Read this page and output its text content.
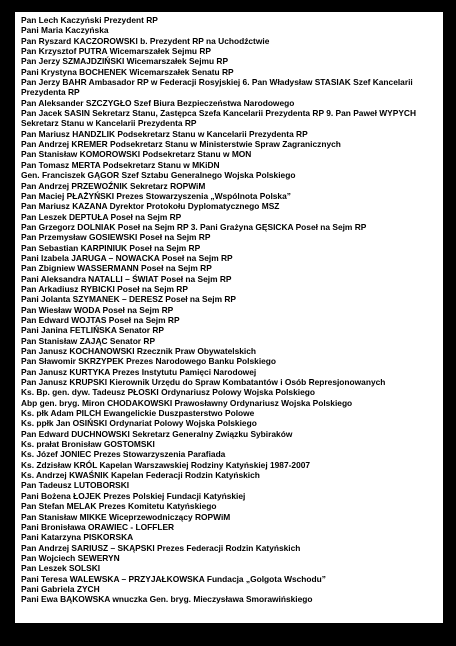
Pan Lech Kaczyński Prezydent RP
Pani Maria Kaczyńska
Pan Ryszard KACZOROWSKI b. Prezydent RP na Uchodźctwie
Pan Krzysztof PUTRA Wicemarszałek Sejmu RP
Pan Jerzy SZMAJDZIŃSKI Wicemarszałek Sejmu RP
Pani Krystyna BOCHENEK Wicemarszałek Senatu RP
Pan Jerzy BAHR Ambasador RP w Federacji Rosyjskiej 6. Pan Władysław STASIAK Szef Kancelarii Prezydenta RP
Pan Aleksander SZCZYGŁO Szef Biura Bezpieczeństwa Narodowego
Pan Jacek SASIN Sekretarz Stanu, Zastępca Szefa Kancelarii Prezydenta RP 9. Pan Paweł WYPYCH Sekretarz Stanu w Kancelarii Prezydenta RP
Pan Mariusz HANDZLIK Podsekretarz Stanu w Kancelarii Prezydenta RP
Pan Andrzej KREMER Podsekretarz Stanu w Ministerstwie Spraw Zagranicznych
Pan Stanisław KOMOROWSKI Podsekretarz Stanu w MON
Pan Tomasz MERTA Podsekretarz Stanu w MKiDN
Gen. Franciszek GĄGOR Szef Sztabu Generalnego Wojska Polskiego
Pan Andrzej PRZEWOŹNIK Sekretarz ROPWiM
Pan Maciej PŁAŻYŃSKI Prezes Stowarzyszenia „Wspólnota Polska”
Pan Mariusz KAZANA Dyrektor Protokołu Dyplomatycznego MSZ
Pan Leszek DEPTUŁA Poseł na Sejm RP
Pan Grzegorz DOLNIAK Poseł na Sejm RP 3. Pani Grażyna GĘSICKA Poseł na Sejm RP
Pan Przemysław GOSIEWSKI Poseł na Sejm RP
Pan Sebastian KARPINIUK Poseł na Sejm RP
Pani Izabela JARUGA – NOWACKA Poseł na Sejm RP
Pan Zbigniew WASSERMANN Poseł na Sejm RP
Pani Aleksandra NATALLI – ŚWIAT Poseł na Sejm RP
Pan Arkadiusz RYBICKI Poseł na Sejm RP
Pani Jolanta SZYMANEK – DERESZ Poseł na Sejm RP
Pan Wiesław WODA Poseł na Sejm RP
Pan Edward WOJTAS Poseł na Sejm RP
Pani Janina FETLIŃSKA Senator RP
Pan Stanisław ZAJĄC Senator RP
Pan Janusz KOCHANOWSKI Rzecznik Praw Obywatelskich
Pan Sławomir SKRZYPEK Prezes Narodowego Banku Polskiego
Pan Janusz KURTYKA Prezes Instytutu Pamięci Narodowej
Pan Janusz KRUPSKI Kierownik Urzędu do Spraw Kombatantów i Osób Represjonowanych
Ks. Bp. gen. dyw. Tadeusz PŁOSKI Ordynariusz Polowy Wojska Polskiego
Abp gen. bryg. Miron CHODAKOWSKI Prawosławny Ordynariusz Wojska Polskiego
Ks. płk Adam PILCH Ewangelickie Duszpasterstwo Polowe
Ks. ppłk Jan OSIŃSKI Ordynariat Polowy Wojska Polskiego
Pan Edward DUCHNOWSKI Sekretarz Generalny Związku Sybiraków
Ks. prałat Bronisław GOSTOMSKI
Ks. Józef JONIEC Prezes Stowarzyszenia Parafiada
Ks. Zdzisław KRÓL Kapelan Warszawskiej Rodziny Katyńskiej 1987-2007
Ks. Andrzej KWAŚNIK Kapelan Federacji Rodzin Katyńskich
Pan Tadeusz LUTOBORSKI
Pani Bożena ŁOJEK Prezes Polskiej Fundacji Katyńskiej
Pan Stefan MELAK Prezes Komitetu Katyńskiego
Pan Stanisław MIKKE Wiceprzewodniczący ROPWiM
Pani Bronisława ORAWIEC - LOFFLER
Pani Katarzyna PISKORSKA
Pan Andrzej SARIUSZ – SKĄPSKI Prezes Federacji Rodzin Katyńskich
Pan Wojciech SEWERYN
Pan Leszek SOLSKI
Pani Teresa WALEWSKA – PRZYJAŁKOWSKA Fundacja „Golgota Wschodu”
Pani Gabriela ZYCH
Pani Ewa BĄKOWSKA wnuczka Gen. bryg. Mieczysława Smorawińskiego
